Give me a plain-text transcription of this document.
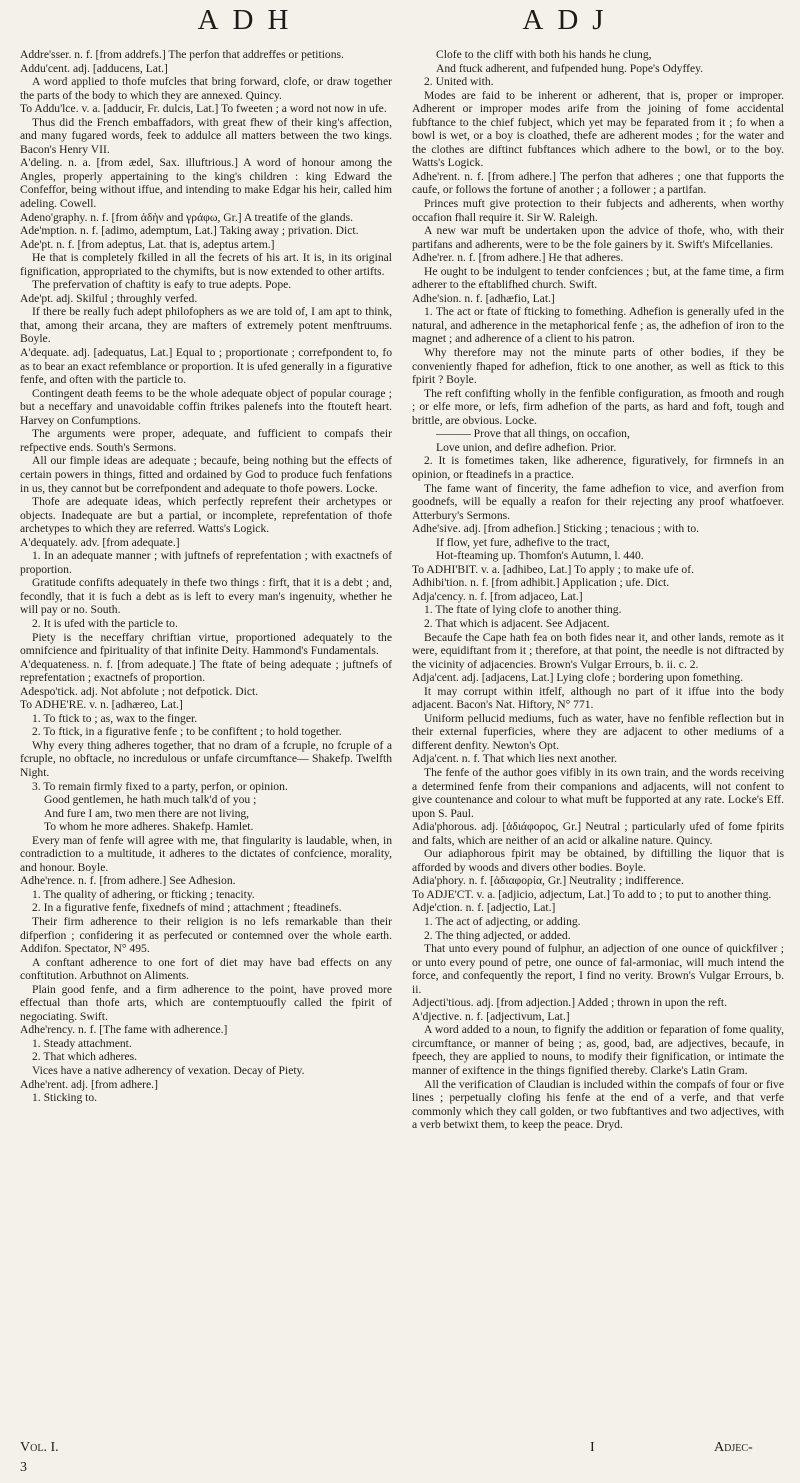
ADH	ADJ

Addre'sser. n. f. [from addrefs.] The perfon that addreffes or petitions.

Addu'cent. adj. [adducens, Lat.]

A word applied to thofe mufcles that bring forward, clofe, or draw together the parts of the body to which they are annexed. Quincy.

To Addu'lce. v. a. [adducir, Fr. dulcis, Lat.] To fweeten ; a word not now in ufe.

Thus did the French embaffadors, with great fhew of their king's affection, and many fugared words, feek to addulce all matters between the two kings. Bacon's Henry VII.

A'deling. n. a. [from ædel, Sax. illuftrious.] A word of honour among the Angles, properly appertaining to the king's children : king Edward the Confeffor, being without iffue, and intending to make Edgar his heir, called him adeling. Cowell.

Adeno'graphy. n. f. [from ἀδὴν and γράφω, Gr.] A treatife of the glands.

Ade'mption. n. f. [adimo, ademptum, Lat.] Taking away ; privation. Dict.

Ade'pt. n. f. [from adeptus, Lat. that is, adeptus artem.]

He that is completely fkilled in all the fecrets of his art. It is, in its original fignification, appropriated to the chymifts, but is now extended to other artifts.

The prefervation of chaftity is eafy to true adepts. Pope.

Ade'pt. adj. Skilful ; throughly verfed.

If there be really fuch adept philofophers as we are told of, I am apt to think, that, among their arcana, they are mafters of extremely potent menftruums. Boyle.

A'dequate. adj. [adequatus, Lat.] Equal to ; proportionate ; correfpondent to, fo as to bear an exact refemblance or proportion. It is ufed generally in a figurative fenfe, and often with the particle to.

Contingent death feems to be the whole adequate object of popular courage ; but a neceffary and unavoidable coffin ftrikes palenefs into the ftouteft heart. Harvey on Confumptions.

The arguments were proper, adequate, and fufficient to compafs their refpective ends. South's Sermons.

All our fimple ideas are adequate ; becaufe, being nothing but the effects of certain powers in things, fitted and ordained by God to produce fuch fenfations in us, they cannot but be correfpondent and adequate to thofe powers. Locke.

Thofe are adequate ideas, which perfectly reprefent their archetypes or objects. Inadequate are but a partial, or incomplete, reprefentation of thofe archetypes to which they are referred. Watts's Logick.

A'dequately. adv. [from adequate.]

1. In an adequate manner ; with juftnefs of reprefentation ; with exactnefs of proportion.

Gratitude confifts adequately in thefe two things : firft, that it is a debt ; and, fecondly, that it is fuch a debt as is left to every man's ingenuity, whether he will pay or no. South.

2. It is ufed with the particle to.

Piety is the neceffary chriftian virtue, proportioned adequately to the omnifcience and fpirituality of that infinite Deity. Hammond's Fundamentals.

A'dequateness. n. f. [from adequate.] The ftate of being adequate ; juftnefs of reprefentation ; exactnefs of proportion.

Adespo'tick. adj. Not abfolute ; not defpotick. Dict.

To ADHE'RE. v. n. [adhæreo, Lat.]

1. To ftick to ; as, wax to the finger.

2. To ftick, in a figurative fenfe ; to be confiftent ; to hold together.

Why every thing adheres together, that no dram of a fcruple, no fcruple of a fcruple, no obftacle, no incredulous or unfafe circumftance— Shakefp. Twelfth Night.

3. To remain firmly fixed to a party, perfon, or opinion.

Good gentlemen, he hath much talk'd of you ;

And fure I am, two men there are not living,

To whom he more adheres. Shakefp. Hamlet.

Every man of fenfe will agree with me, that fingularity is laudable, when, in contradiction to a multitude, it adheres to the dictates of confcience, morality, and honour. Boyle.

Adhe'rence. n. f. [from adhere.] See Adhesion.

1. The quality of adhering, or fticking ; tenacity.

2. In a figurative fenfe, fixednefs of mind ; attachment ; fteadinefs.

Their firm adherence to their religion is no lefs remarkable than their difperfion ; confidering it as perfecuted or contemned over the whole earth. Addifon. Spectator, N° 495.

A conftant adherence to one fort of diet may have bad effects on any conftitution. Arbuthnot on Aliments.

Plain good fenfe, and a firm adherence to the point, have proved more effectual than thofe arts, which are contemptuoufly called the fpirit of negociating. Swift.

Adhe'rency. n. f. [The fame with adherence.]

1. Steady attachment.

2. That which adheres.

Vices have a native adherency of vexation. Decay of Piety.

Adhe'rent. adj. [from adhere.]

1. Sticking to.

Clofe to the cliff with both his hands he clung,

And ftuck adherent, and fufpended hung. Pope's Odyffey.

2. United with.

Modes are faid to be inherent or adherent, that is, proper or improper. Adherent or improper modes arife from the joining of fome accidental fubftance to the chief fubject, which yet may be feparated from it ; fo when a bowl is wet, or a boy is cloathed, thefe are adherent modes ; for the water and the clothes are diftinct fubftances which adhere to the bowl, or to the boy. Watts's Logick.

Adhe'rent. n. f. [from adhere.] The perfon that adheres ; one that fupports the caufe, or follows the fortune of another ; a follower ; a partifan.

Princes muft give protection to their fubjects and adherents, when worthy occafion fhall require it. Sir W. Raleigh.

A new war muft be undertaken upon the advice of thofe, who, with their partifans and adherents, were to be the fole gainers by it. Swift's Mifcellanies.

Adhe'rer. n. f. [from adhere.] He that adheres.

He ought to be indulgent to tender confciences ; but, at the fame time, a firm adherer to the eftablifhed church. Swift.

Adhe'sion. n. f. [adhæfio, Lat.]

1. The act or ftate of fticking to fomething. Adhefion is generally ufed in the natural, and adherence in the metaphorical fenfe ; as, the adhefion of iron to the magnet ; and adherence of a client to his patron.

Why therefore may not the minute parts of other bodies, if they be conveniently fhaped for adhefion, ftick to one another, as well as ftick to this fpirit ? Boyle.

The reft confifting wholly in the fenfible configuration, as fmooth and rough ; or elfe more, or lefs, firm adhefion of the parts, as hard and foft, tough and brittle, are obvious. Locke.

——— Prove that all things, on occafion,

Love union, and defire adhefion. Prior.

2. It is fometimes taken, like adherence, figuratively, for firmnefs in an opinion, or fteadinefs in a practice.

The fame want of fincerity, the fame adhefion to vice, and averfion from goodnefs, will be equally a reafon for their rejecting any proof whatfoever. Atterbury's Sermons.

Adhe'sive. adj. [from adhefion.] Sticking ; tenacious ; with to.

If flow, yet fure, adhefive to the tract,

Hot-fteaming up. Thomfon's Autumn, l. 440.

To ADHI'BIT. v. a. [adhibeo, Lat.] To apply ; to make ufe of.

Adhibi'tion. n. f. [from adhibit.] Application ; ufe. Dict.

Adja'cency. n. f. [from adjaceo, Lat.]

1. The ftate of lying clofe to another thing.

2. That which is adjacent. See Adjacent.

Becaufe the Cape hath fea on both fides near it, and other lands, remote as it were, equidiftant from it ; therefore, at that point, the needle is not diftracted by the vicinity of adjacencies. Brown's Vulgar Errours, b. ii. c. 2.

Adja'cent. adj. [adjacens, Lat.] Lying clofe ; bordering upon fomething.

It may corrupt within itfelf, although no part of it iffue into the body adjacent. Bacon's Nat. Hiftory, N° 771.

Uniform pellucid mediums, fuch as water, have no fenfible reflection but in their external fuperficies, where they are adjacent to other mediums of a different denfity. Newton's Opt.

Adja'cent. n. f. That which lies next another.

The fenfe of the author goes vifibly in its own train, and the words receiving a determined fenfe from their companions and adjacents, will not confent to give countenance and colour to what muft be fupported at any rate. Locke's Eff. upon S. Paul.

Adia'phorous. adj. [ἀδιάφορος, Gr.] Neutral ; particularly ufed of fome fpirits and falts, which are neither of an acid or alkaline nature. Quincy.

Our adiaphorous fpirit may be obtained, by diftilling the liquor that is afforded by woods and divers other bodies. Boyle.

Adia'phory. n. f. [ἀδιαφορία, Gr.] Neutrality ; indifference.

To ADJE'CT. v. a. [adjicio, adjectum, Lat.] To add to ; to put to another thing.

Adje'ction. n. f. [adjectio, Lat.]

1. The act of adjecting, or adding.

2. The thing adjected, or added.

That unto every pound of fulphur, an adjection of one ounce of quickfilver ; or unto every pound of petre, one ounce of fal-armoniac, will much intend the force, and confequently the report, I find no verity. Brown's Vulgar Errours, b. ii.

Adjecti'tious. adj. [from adjection.] Added ; thrown in upon the reft.

A'djective. n. f. [adjectivum, Lat.]

A word added to a noun, to fignify the addition or feparation of fome quality, circumftance, or manner of being ; as, good, bad, are adjectives, becaufe, in fpeech, they are applied to nouns, to modify their fignification, or intimate the manner of exiftence in the things fignified thereby. Clarke's Latin Gram.

All the verification of Claudian is included within the compafs of four or five lines ; perpetually clofing his fenfe at the end of a verfe, and that verfe commonly which they call golden, or two fubftantives and two adjectives, with a verb betwixt them, to keep the peace. Dryd.

Vol. I.
3
I	Adjec-
